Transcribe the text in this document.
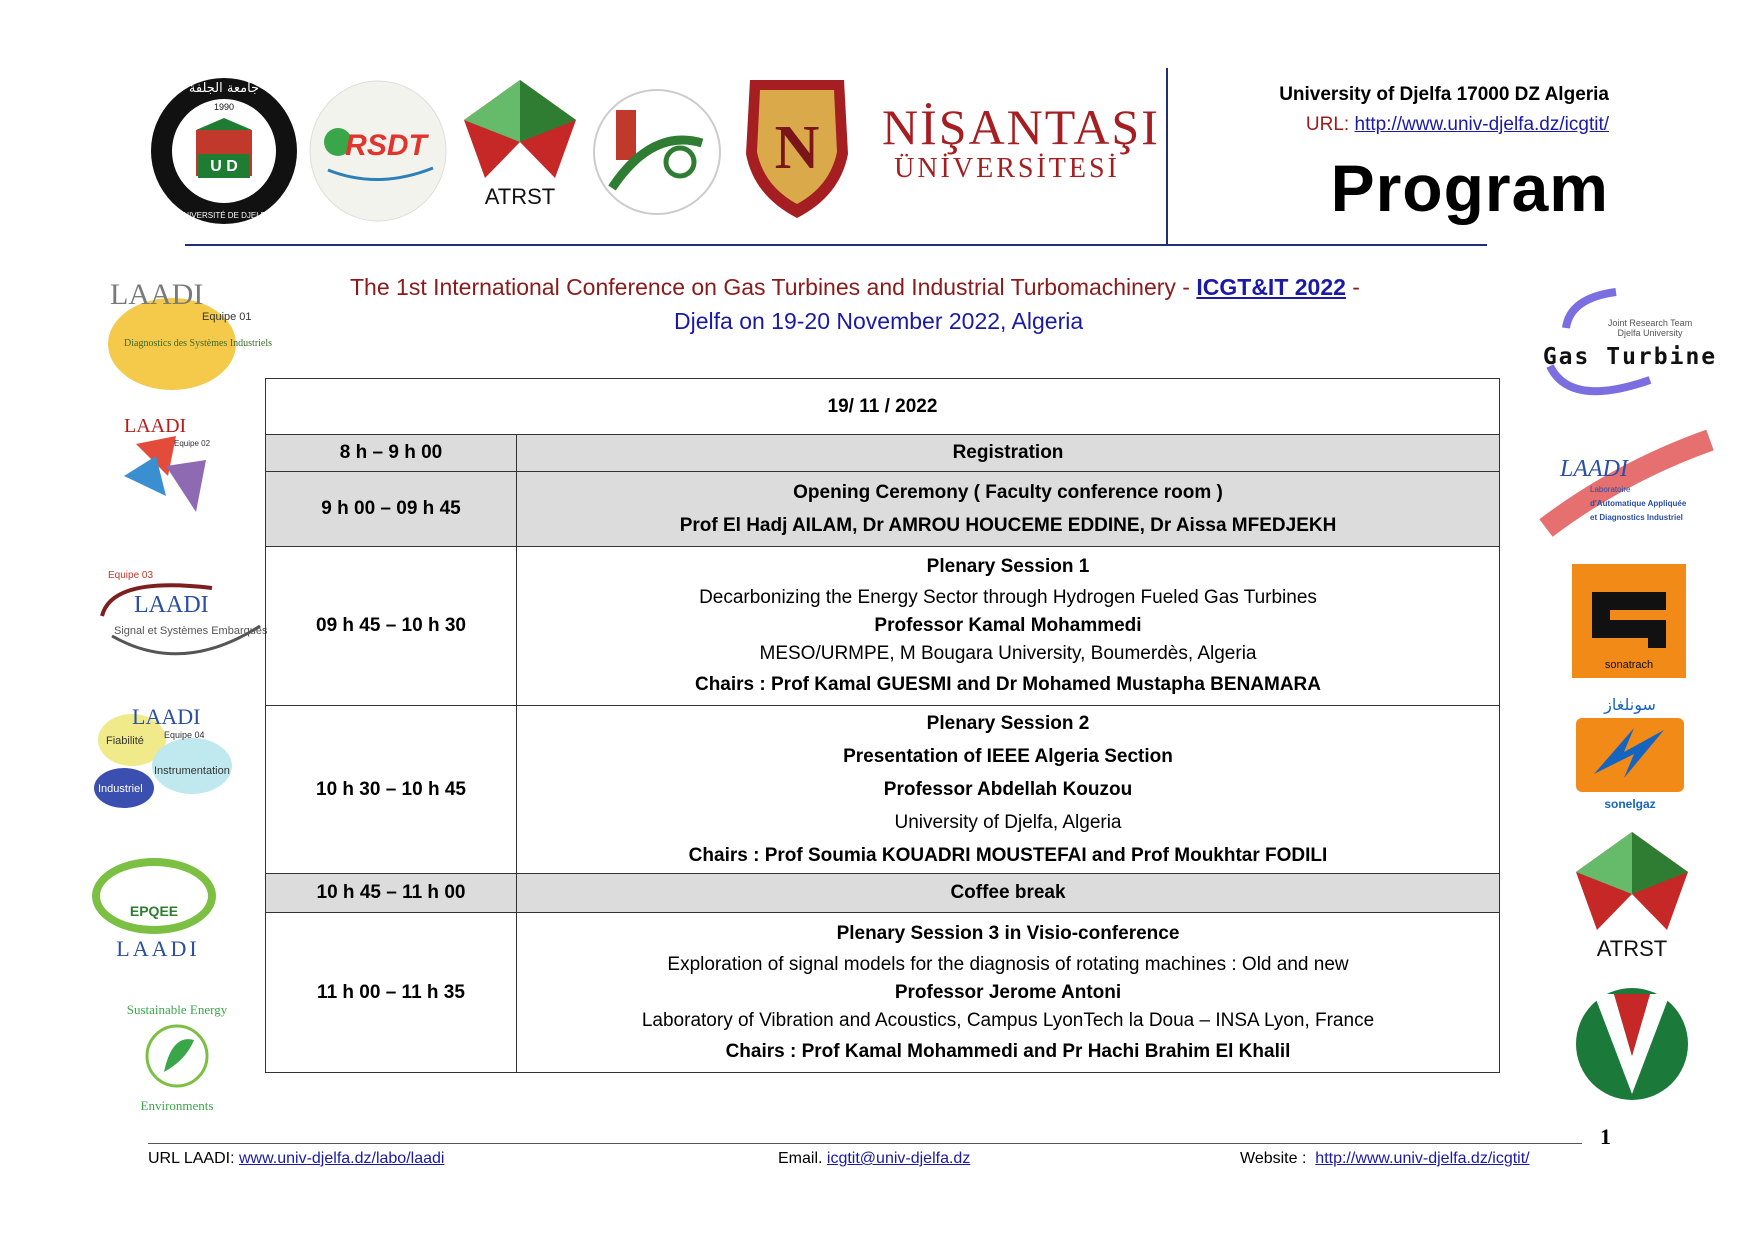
U D
1990
جامعة الجلفة
UNIVERSITÉ DE DJELFA
RSDT
ATRST
N NİŞANTAŞI
ÜNİVERSİTESİ
University of Djelfa 17000 DZ Algeria
URL: http://www.univ-djelfa.dz/icgtit/
Program
The 1st International Conference on Gas Turbines and Industrial Turbomachinery - ICGT&IT 2022 -
Djelfa on 19-20 November 2022, Algeria
LAADI
Equipe 01
Diagnostics des Systèmes Industriels
LAADI
Equipe 02
Equipe 03
LAADI
Signal et Systèmes Embarqués
LAADI
Fiabilité Equipe 04
Instrumentation
Industriel
EPQEE
LAADI
Sustainable Energy
Environments
Joint Research Team
Djelfa University
Gas Turbine
LAADI
Laboratoire
d'Automatique Appliquée
et Diagnostics Industriel
sonatrach
سونلغاز
sonelgaz
ATRST
19/ 11 / 2022	
8 h – 9 h 00	Registration
9 h 00 – 09 h 45	Opening Ceremony ( Faculty conference room )
Prof El Hadj AILAM, Dr AMROU HOUCEME EDDINE, Dr Aissa MFEDJEKH

09 h 45 – 10 h 30	Plenary Session 1
Decarbonizing the Energy Sector through Hydrogen Fueled Gas Turbines
Professor Kamal Mohammedi
MESO/URMPE, M Bougara University, Boumerdès, Algeria
Chairs : Prof Kamal GUESMI and Dr Mohamed Mustapha BENAMARA

10 h 30 – 10 h 45	Plenary Session 2
Presentation of IEEE Algeria Section
Professor Abdellah Kouzou
University of Djelfa, Algeria
Chairs : Prof Soumia KOUADRI MOUSTEFAI and Prof Moukhtar FODILI

10 h 45 – 11 h 00	Coffee break
11 h 00 – 11 h 35	Plenary Session 3 in Visio-conference
Exploration of signal models for the diagnosis of rotating machines : Old and new
Professor Jerome Antoni
Laboratory of Vibration and Acoustics, Campus LyonTech la Doua – INSA Lyon, France
Chairs : Prof Kamal Mohammedi and Pr Hachi Brahim El Khalil
1
URL LAADI: www.univ-djelfa.dz/labo/laadi	Email. icgtit@univ-djelfa.dz	Website :  http://www.univ-djelfa.dz/icgtit/
